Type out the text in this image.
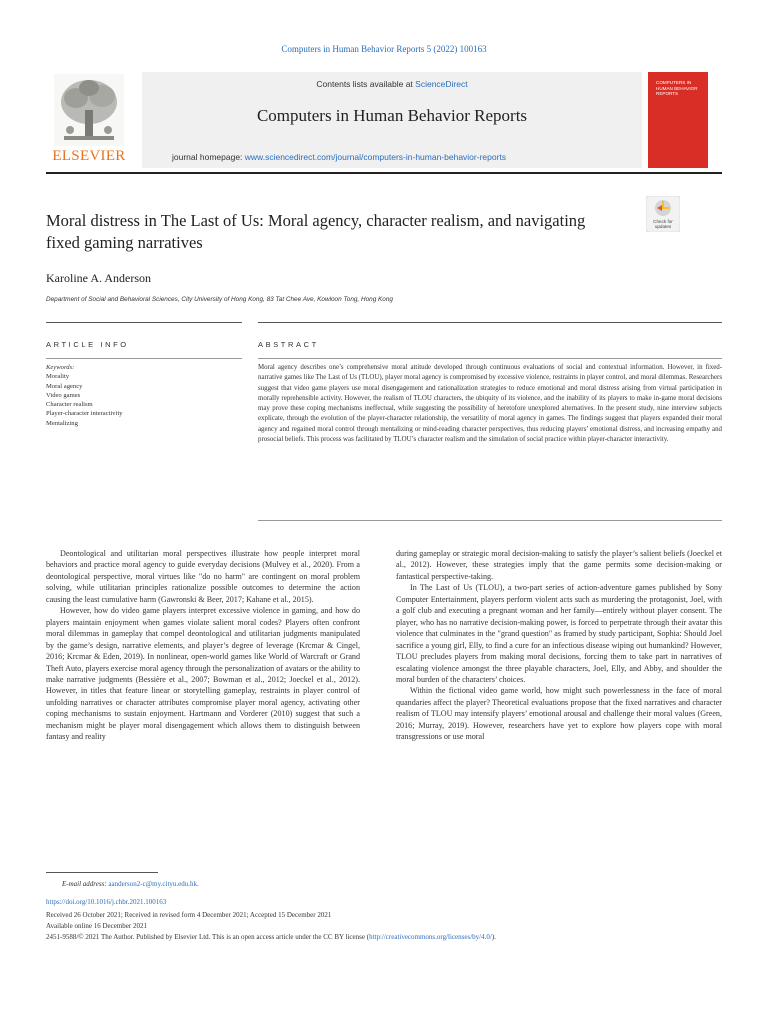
Computers in Human Behavior Reports 5 (2022) 100163
ELSEVIER
Contents lists available at ScienceDirect
Computers in Human Behavior Reports
journal homepage: www.sciencedirect.com/journal/computers-in-human-behavior-reports
COMPUTERS IN HUMAN BEHAVIOR REPORTS
Moral distress in The Last of Us: Moral agency, character realism, and navigating fixed gaming narratives
Check for
updates
Karoline A. Anderson
Department of Social and Behavioral Sciences, City University of Hong Kong, 83 Tat Chee Ave, Kowloon Tong, Hong Kong
ARTICLE INFO	ABSTRACT
Keywords:
Morality
Moral agency
Video games
Character realism
Player-character interactivity
Mentalizing
Moral agency describes one’s comprehensive moral attitude developed through continuous evaluations of social and contextual information. However, in fixed-narrative games like The Last of Us (TLOU), player moral agency is compromised by excessive violence, restraints in player control, and moral dilemmas. Researchers suggest that video game players use moral disengagement and rationalization strategies to reduce emotional and moral distress arising from virtual participation in morally reprehensible activity. However, the realism of TLOU characters, the ubiquity of its violence, and the inability of its players to make in-game moral decisions may prove these coping mechanisms ineffectual, while suggesting the possibility of heretofore unexplored alternatives. In the present study, nine interview subjects explicate, through the evolution of the player-character relationship, the versatility of moral agency in games. The findings suggest that players expanded their moral agency and regained moral control through mentalizing or mind-reading character perspectives, thus reducing players’ emotional distress, and increasing empathy and prosocial beliefs. This process was facilitated by TLOU’s character realism and the simulation of social practice within player-character interactivity.

Deontological and utilitarian moral perspectives illustrate how people interpret moral behaviors and practice moral agency to guide everyday decisions (Mulvey et al., 2020). From a deontological perspective, moral virtues like "do no harm" are contingent on moral problem solving, while utilitarian principles rationalize possible outcomes to determine the action causing the least cumulative harm (Gawronski & Beer, 2017; Kahane et al., 2015).

However, how do video game players interpret excessive violence in gaming, and how do players maintain enjoyment when games violate salient moral codes? Players often confront moral dilemmas in gameplay that compel deontological and utilitarian judgments manipulated by the game’s design, narrative elements, and player’s degree of leverage (Krcmar & Cingel, 2016; Krcmar & Eden, 2019). In nonlinear, open-world games like World of Warcraft or Grand Theft Auto, players exercise moral agency through the personalization of avatars or the ability to make narrative judgments (Bessière et al., 2007; Bowman et al., 2012; Joeckel et al., 2012). However, in titles that feature linear or storytelling gameplay, restraints in player control of unfolding narratives or character attributes compromise player moral agency, activating other coping mechanisms to sustain enjoyment. Hartmann and Vorderer (2010) suggest that such a mechanism might be player moral disengagement which allows them to distinguish between fantasy and reality

during gameplay or strategic moral decision-making to satisfy the player’s salient beliefs (Joeckel et al., 2012). However, these strategies imply that the game permits some decision-making or fantastical perspective-taking.

In The Last of Us (TLOU), a two-part series of action-adventure games published by Sony Computer Entertainment, players perform violent acts such as murdering the protagonist, Joel, with a golf club and executing a pregnant woman and her family—entirely without player consent. The player, who has no narrative decision-making power, is forced to perpetrate through their avatar this violence that culminates in the "grand question" as framed by study participant, Sophia: Should Joel sacrifice a young girl, Elly, to find a cure for an infectious disease wiping out humankind? However, TLOU precludes players from making moral decisions, forcing them to take part in narratives of escalating violence amongst the three playable characters, Joel, Elly, and Abby, and shoulder the moral burden of the characters’ choices.

Within the fictional video game world, how might such powerlessness in the face of moral quandaries affect the player? Theoretical evaluations propose that the fixed narratives and character realism of TLOU may intensify players’ emotional arousal and challenge their moral values (Green, 2016; Murray, 2019). However, researchers have yet to explore how players cope with moral transgressions or use moral

E-mail address: aanderson2-c@my.cityu.edu.hk.
https://doi.org/10.1016/j.chbr.2021.100163
Received 26 October 2021; Received in revised form 4 December 2021; Accepted 15 December 2021
Available online 16 December 2021
2451-9588/© 2021 The Author. Published by Elsevier Ltd. This is an open access article under the CC BY license (http://creativecommons.org/licenses/by/4.0/).
